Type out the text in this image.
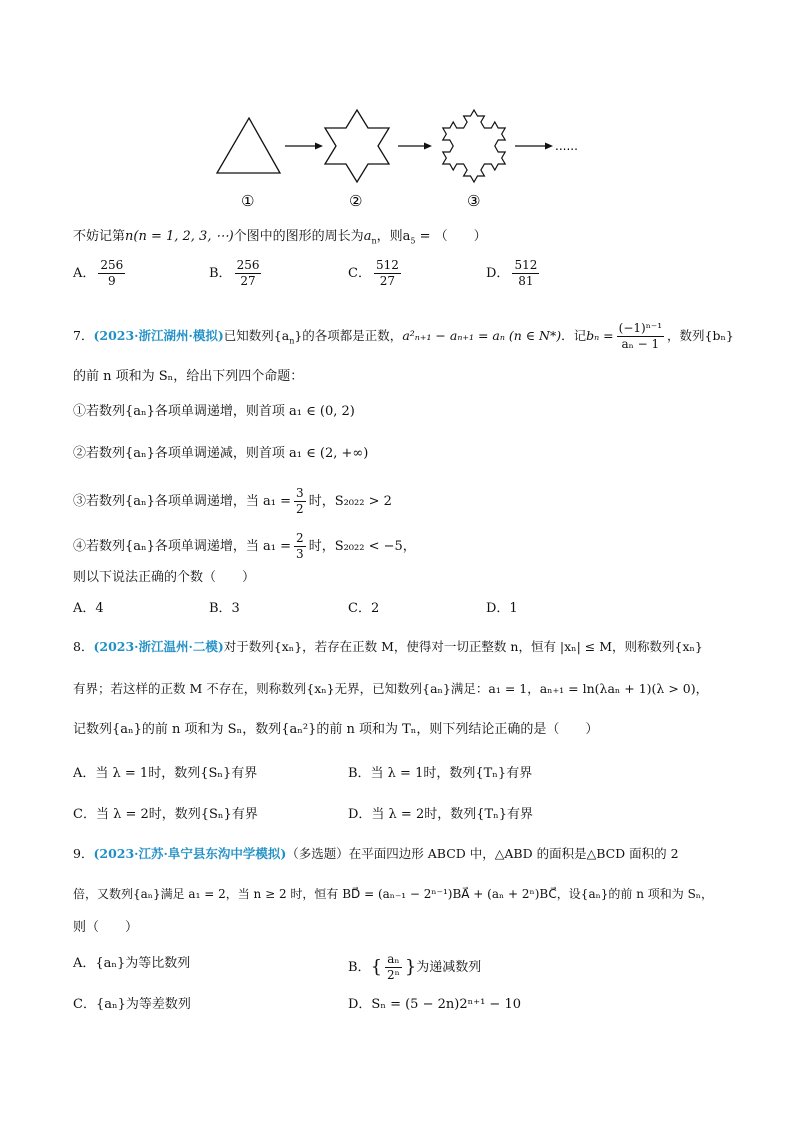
......
①	②	③
不妨记第n(n = 1, 2, 3, ⋯)个图中的图形的周长为$a_n$，则$a_5$ = （　　）
A． $\frac{256}{9}$	B． $\frac{256}{27}$	C． $\frac{512}{27}$	D． $\frac{512}{81}$
7．(2023·浙江湖州·模拟)已知数列$\{a_n\}$的各项都是正数，a²ₙ₊₁ − aₙ₊₁ = aₙ (n ∈ N*)．记$b_n = \frac{\text{(−1)ⁿ⁻¹}}{\text{aₙ − 1}}$ ，数列{bₙ}
的前 n 项和为 Sₙ，给出下列四个命题：
①若数列{aₙ}各项单调递增，则首项 a₁ ∈ (0, 2)
②若数列{aₙ}各项单调递减，则首项 a₁ ∈ (2, +∞)
③若数列{aₙ}各项单调递增，当 $a_1 = \frac{3}{2}$ 时，S₂₀₂₂ > 2
④若数列{aₙ}各项单调递增，当 $a_1 = \frac{2}{3}$ 时，S₂₀₂₂ < −5，
则以下说法正确的个数（　　）
A．4	B．3	C．2	D．1
8．(2023·浙江温州·二模)对于数列{xₙ}，若存在正数 M，使得对一切正整数 n，恒有 |xₙ| ≤ M，则称数列{xₙ}
有界；若这样的正数 M 不存在，则称数列{xₙ}无界，已知数列{aₙ}满足：a₁ = 1，aₙ₊₁ = ln(λaₙ + 1)(λ > 0)，
记数列{aₙ}的前 n 项和为 Sₙ，数列{aₙ²}的前 n 项和为 Tₙ，则下列结论正确的是（　　）
A．当 λ = 1时，数列{Sₙ}有界	B．当 λ = 1时，数列{Tₙ}有界
C．当 λ = 2时，数列{Sₙ}有界	D．当 λ = 2时，数列{Tₙ}有界
9．(2023·江苏·阜宁县东沟中学模拟)（多选题）在平面四边形 ABCD 中，△ABD 的面积是△BCD 面积的 2
倍，又数列{aₙ}满足 a₁ = 2，当 n ≥ 2 时，恒有 BD⃗ = (aₙ₋₁ − 2ⁿ⁻¹)BA⃗ + (aₙ + 2ⁿ)BC⃗，设{aₙ}的前 n 项和为 Sₙ，
则（　　）
A．{aₙ}为等比数列	B．{ $\frac{\text{aₙ}}{\text{2ⁿ}}$ }为递减数列
C．{aₙ}为等差数列	D．Sₙ = (5 − 2n)2ⁿ⁺¹ − 10
